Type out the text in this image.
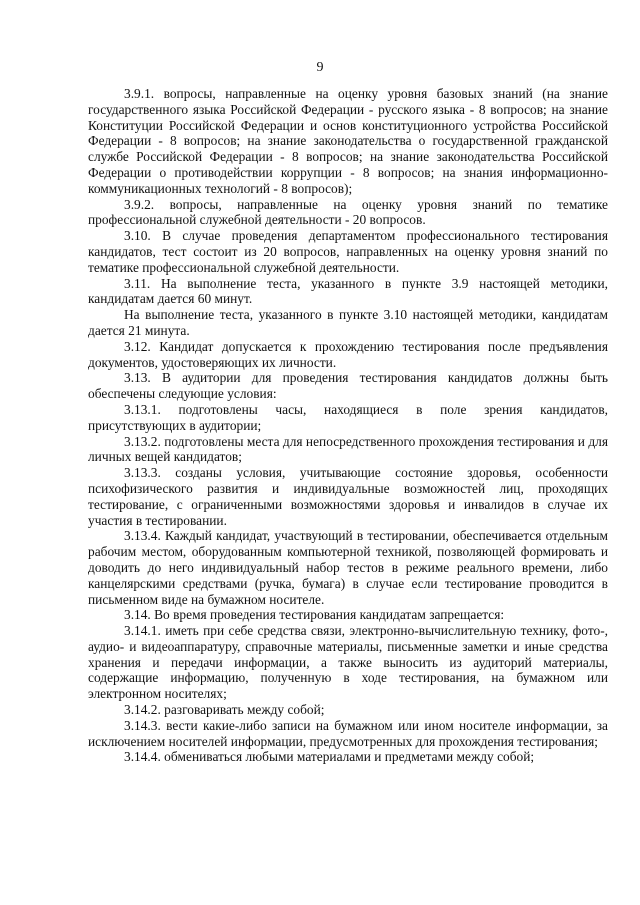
9

3.9.1. вопросы, направленные на оценку уровня базовых знаний (на знание государственного языка Российской Федерации - русского языка - 8 вопросов; на знание Конституции Российской Федерации и основ конституционного устройства Российской Федерации - 8 вопросов; на знание законодательства о государственной гражданской службе Российской Федерации - 8 вопросов; на знание законодательства Российской Федерации о противодействии коррупции - 8 вопросов; на знания информационно-коммуникационных технологий - 8 вопросов);

3.9.2. вопросы, направленные на оценку уровня знаний по тематике профессиональной служебной деятельности - 20 вопросов.

3.10. В случае проведения департаментом профессионального тестирования кандидатов, тест состоит из 20 вопросов, направленных на оценку уровня знаний по тематике профессиональной служебной деятельности.

3.11. На выполнение теста, указанного в пункте 3.9 настоящей методики, кандидатам дается 60 минут.

На выполнение теста, указанного в пункте 3.10 настоящей методики, кандидатам дается 21 минута.

3.12. Кандидат допускается к прохождению тестирования после предъявления документов, удостоверяющих их личности.

3.13. В аудитории для проведения тестирования кандидатов должны быть обеспечены следующие условия:

3.13.1. подготовлены часы, находящиеся в поле зрения кандидатов, присутствующих в аудитории;

3.13.2. подготовлены места для непосредственного прохождения тестирования и для личных вещей кандидатов;

3.13.3. созданы условия, учитывающие состояние здоровья, особенности психофизического развития и индивидуальные возможностей лиц, проходящих тестирование, с ограниченными возможностями здоровья и инвалидов в случае их участия в тестировании.

3.13.4. Каждый кандидат, участвующий в тестировании, обеспечивается отдельным рабочим местом, оборудованным компьютерной техникой, позволяющей формировать и доводить до него индивидуальный набор тестов в режиме реального времени, либо канцелярскими средствами (ручка, бумага) в случае если тестирование проводится в письменном виде на бумажном носителе.

3.14. Во время проведения тестирования кандидатам запрещается:

3.14.1. иметь при себе средства связи, электронно-вычислительную технику, фото-, аудио- и видеоаппаратуру, справочные материалы, письменные заметки и иные средства хранения и передачи информации, а также выносить из аудиторий материалы, содержащие информацию, полученную в ходе тестирования, на бумажном или электронном носителях;

3.14.2. разговаривать между собой;

3.14.3. вести какие-либо записи на бумажном или ином носителе информации, за исключением носителей информации, предусмотренных для прохождения тестирования;

3.14.4. обмениваться любыми материалами и предметами между собой;
